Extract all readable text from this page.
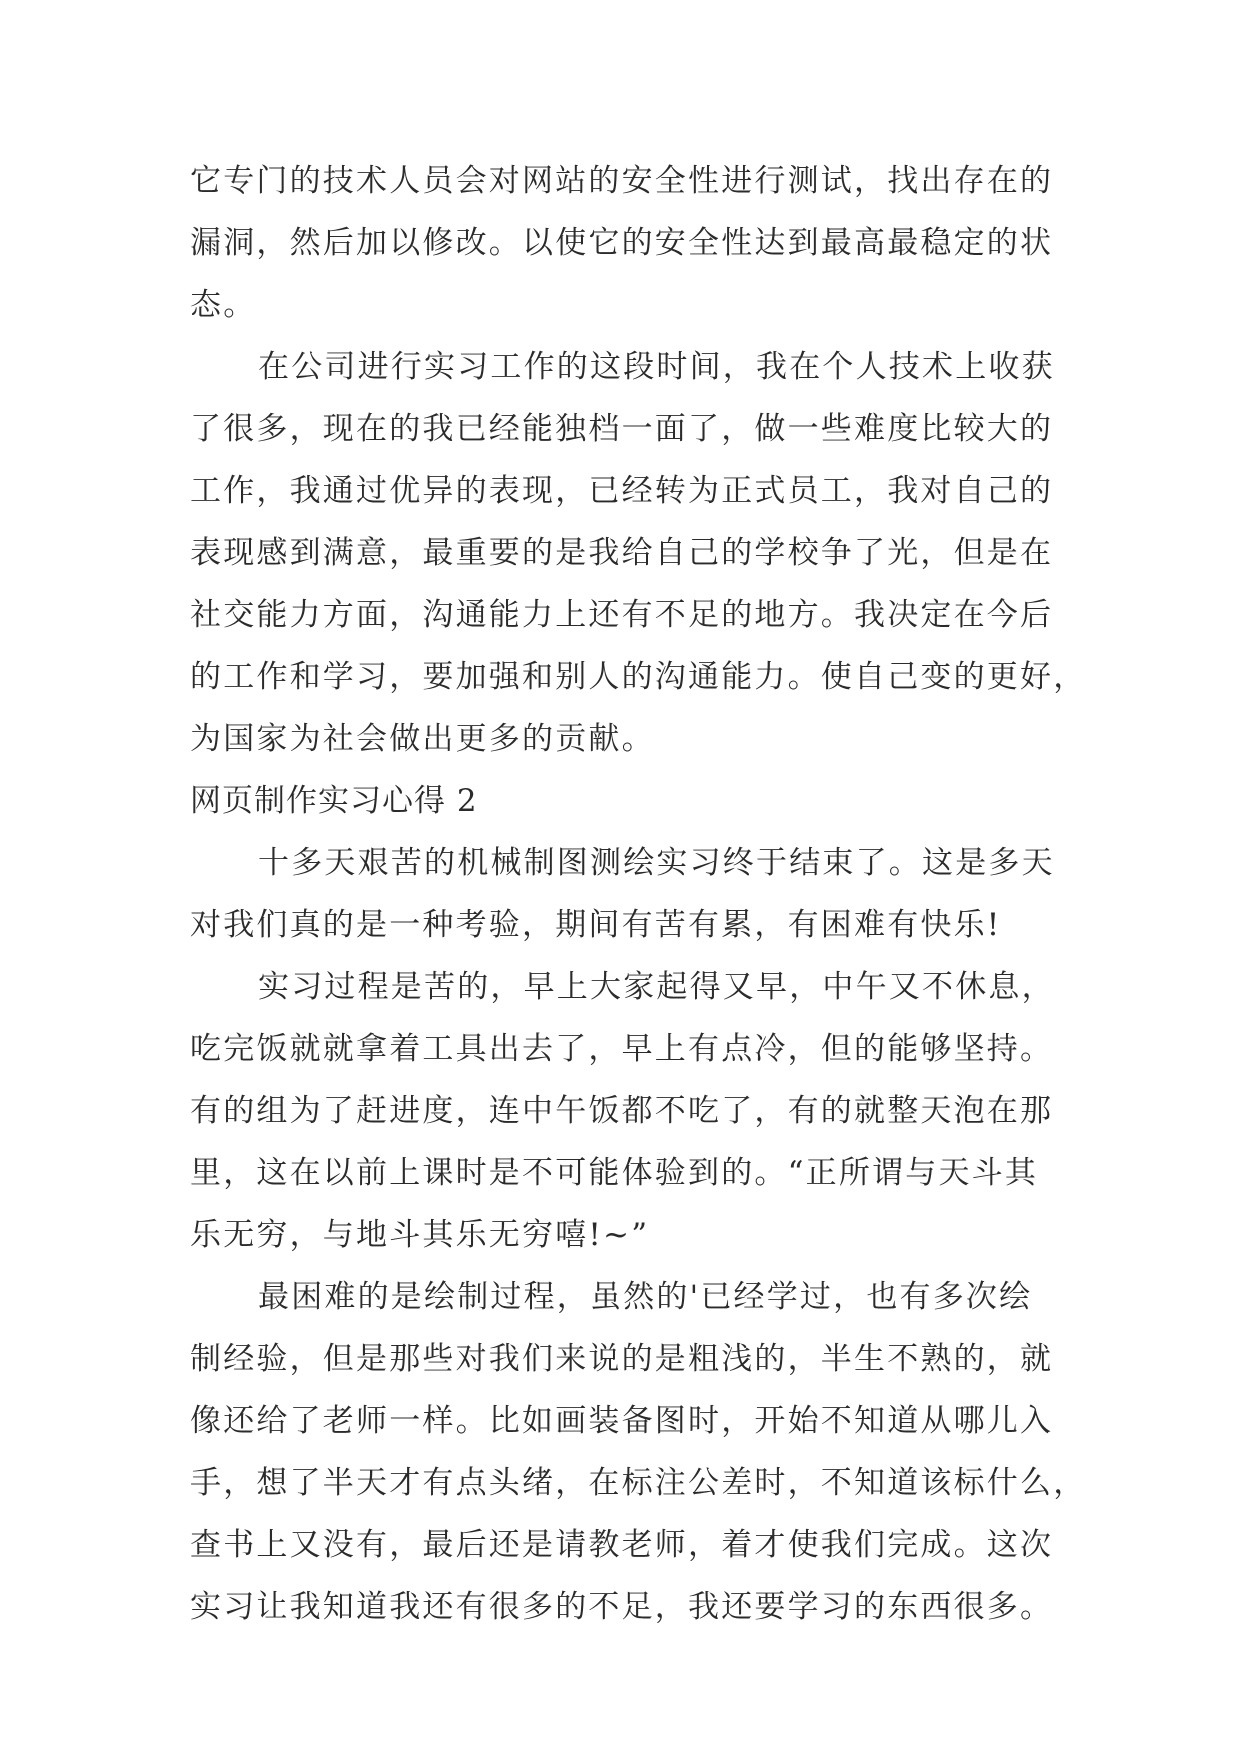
它专门的技术人员会对网站的安全性进行测试，找出存在的
漏洞，然后加以修改。以使它的安全性达到最高最稳定的状
态。
在公司进行实习工作的这段时间，我在个人技术上收获
了很多，现在的我已经能独档一面了，做一些难度比较大的
工作，我通过优异的表现，已经转为正式员工，我对自己的
表现感到满意，最重要的是我给自己的学校争了光，但是在
社交能力方面，沟通能力上还有不足的地方。我决定在今后
的工作和学习，要加强和别人的沟通能力。使自己变的更好，
为国家为社会做出更多的贡献。
网页制作实习心得 2
十多天艰苦的机械制图测绘实习终于结束了。这是多天
对我们真的是一种考验，期间有苦有累，有困难有快乐!
实习过程是苦的，早上大家起得又早，中午又不休息，
吃完饭就就拿着工具出去了，早上有点冷，但的能够坚持。
有的组为了赶进度，连中午饭都不吃了，有的就整天泡在那
里，这在以前上课时是不可能体验到的。“正所谓与天斗其
乐无穷，与地斗其乐无穷嘻!~”
最困难的是绘制过程，虽然的'已经学过，也有多次绘
制经验，但是那些对我们来说的是粗浅的，半生不熟的，就
像还给了老师一样。比如画装备图时，开始不知道从哪儿入
手，想了半天才有点头绪，在标注公差时，不知道该标什么，
查书上又没有，最后还是请教老师，着才使我们完成。这次
实习让我知道我还有很多的不足，我还要学习的东西很多。
